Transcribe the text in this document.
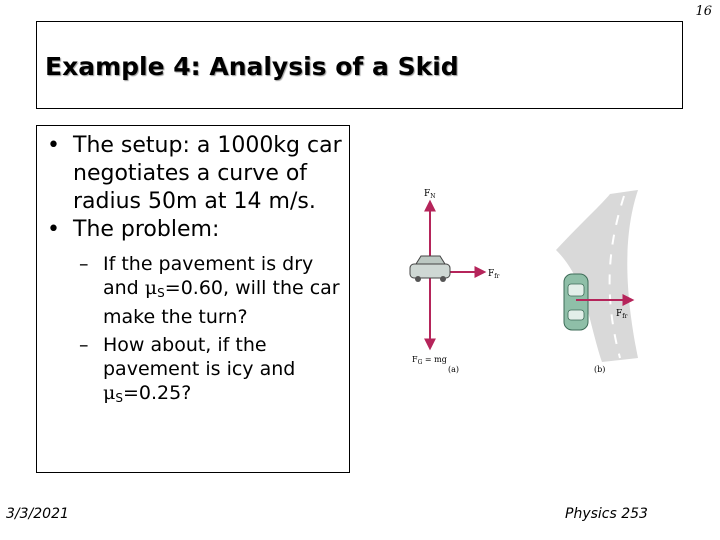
16
Example 4: Analysis of a Skid
• The setup: a 1000kg car negotiates a curve of radius 50m at 14 m/s.
• The problem:
– If the pavement is dry and $\mu_S=0.60$, will the car make the turn?
– How about, if the pavement is icy and $\mu_S=0.25$?
$F_N$
$F_{fr}$
$F_G$ = mg
(a)
$F_{fr}$
(b)
3/3/2021	Physics 253
